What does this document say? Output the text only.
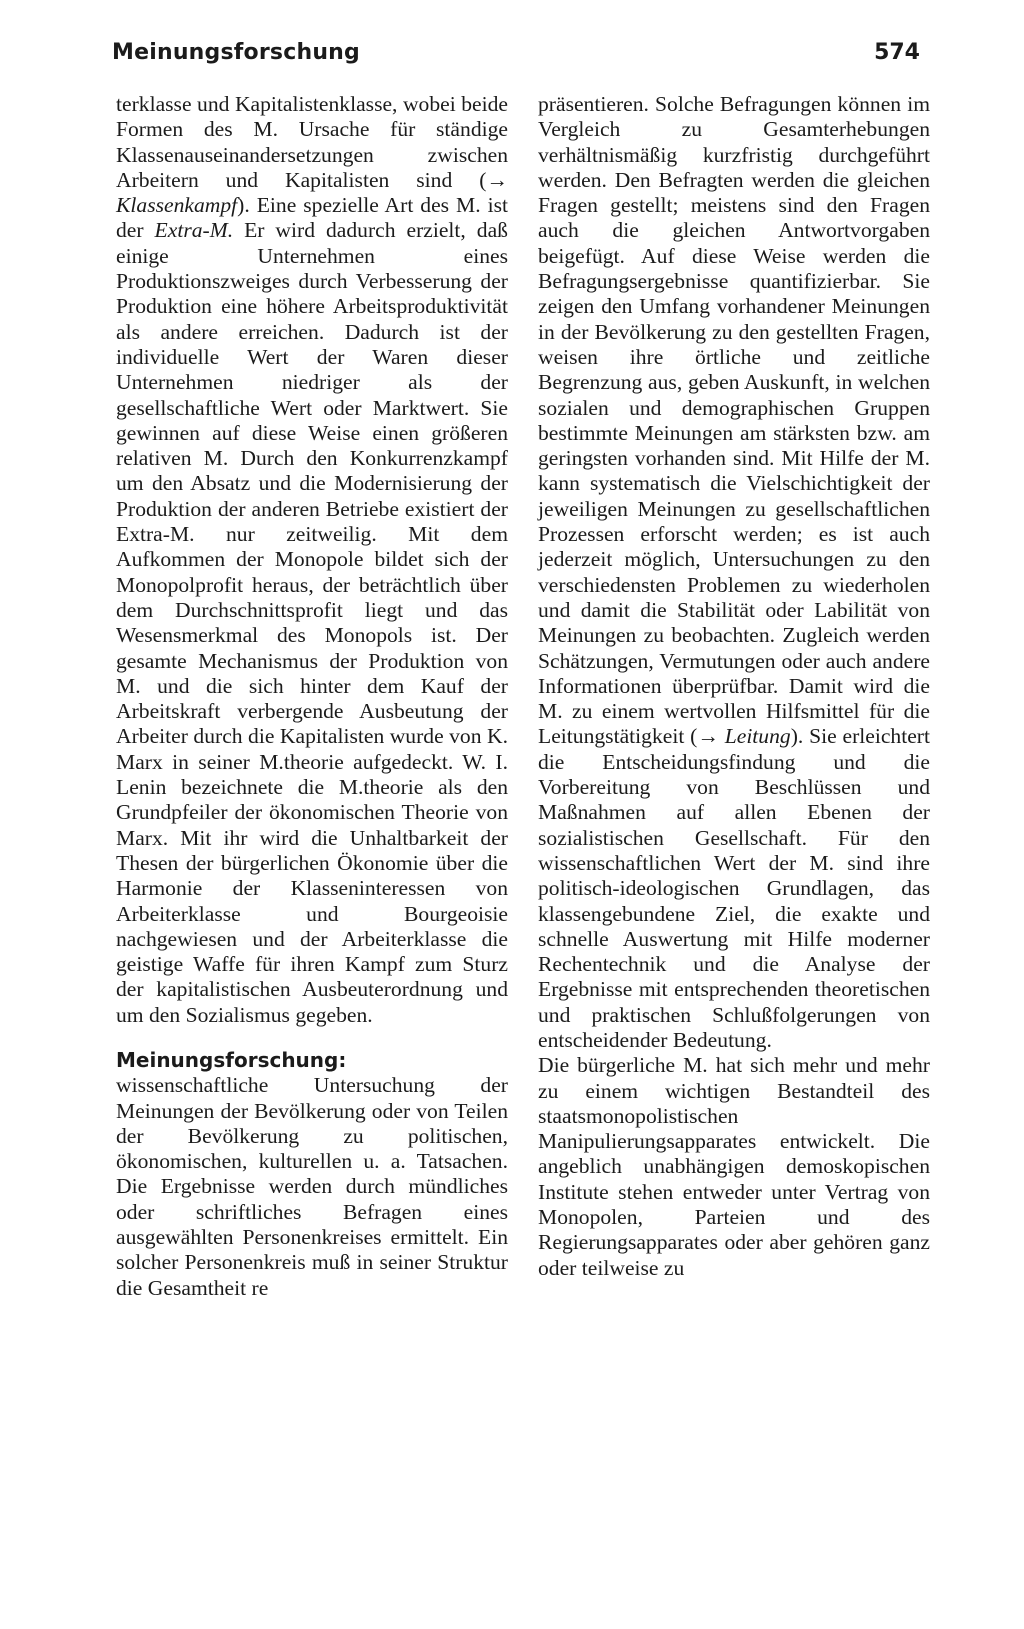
Meinungsforschung	574

terklasse und Kapitalistenklasse, wobei beide Formen des M. Ursache für ständige Klassenauseinandersetzungen zwischen Arbeitern und Kapitalisten sind (→ Klassenkampf). Eine spezielle Art des M. ist der Extra-M. Er wird dadurch erzielt, daß einige Unternehmen eines Produktionszweiges durch Verbesserung der Produktion eine höhere Arbeitsproduktivität als andere erreichen. Dadurch ist der individuelle Wert der Waren dieser Unternehmen niedriger als der gesellschaftliche Wert oder Marktwert. Sie gewinnen auf diese Weise einen größeren relativen M. Durch den Konkurrenzkampf um den Absatz und die Modernisierung der Produktion der anderen Betriebe existiert der Extra-M. nur zeitweilig. Mit dem Aufkommen der Monopole bildet sich der Monopolprofit heraus, der beträchtlich über dem Durchschnittsprofit liegt und das Wesensmerkmal des Monopols ist. Der gesamte Mechanismus der Produktion von M. und die sich hinter dem Kauf der Arbeitskraft verbergende Ausbeutung der Arbeiter durch die Kapitalisten wurde von K. Marx in seiner M.theorie aufgedeckt. W. I. Lenin bezeichnete die M.theorie als den Grundpfeiler der ökonomischen Theorie von Marx. Mit ihr wird die Unhaltbarkeit der Thesen der bürgerlichen Ökonomie über die Harmonie der Klasseninteressen von Arbeiterklasse und Bourgeoisie nachgewiesen und der Arbeiterklasse die geistige Waffe für ihren Kampf zum Sturz der kapitalistischen Ausbeuterordnung und um den Sozialismus gegeben.

Meinungsforschung: wissenschaftliche Untersuchung der Meinungen der Bevölkerung oder von Teilen der Bevölkerung zu politischen, ökonomischen, kulturellen u. a. Tatsachen. Die Ergebnisse werden durch mündliches oder schriftliches Befragen eines ausgewählten Personenkreises ermittelt. Ein solcher Personenkreis muß in seiner Struktur die Gesamtheit re

präsentieren. Solche Befragungen können im Vergleich zu Gesamterhebungen verhältnismäßig kurzfristig durchgeführt werden. Den Befragten werden die gleichen Fragen gestellt; meistens sind den Fragen auch die gleichen Antwortvorgaben beigefügt. Auf diese Weise werden die Befragungsergebnisse quantifizierbar. Sie zeigen den Umfang vorhandener Meinungen in der Bevölkerung zu den gestellten Fragen, weisen ihre örtliche und zeitliche Begrenzung aus, geben Auskunft, in welchen sozialen und demographischen Gruppen bestimmte Meinungen am stärksten bzw. am geringsten vorhanden sind. Mit Hilfe der M. kann systematisch die Vielschichtigkeit der jeweiligen Meinungen zu gesellschaftlichen Prozessen erforscht werden; es ist auch jederzeit möglich, Untersuchungen zu den verschiedensten Problemen zu wiederholen und damit die Stabilität oder Labilität von Meinungen zu beobachten. Zugleich werden Schätzungen, Vermutungen oder auch andere Informationen überprüfbar. Damit wird die M. zu einem wertvollen Hilfsmittel für die Leitungstätigkeit (→ Leitung). Sie erleichtert die Entscheidungsfindung und die Vorbereitung von Beschlüssen und Maßnahmen auf allen Ebenen der sozialistischen Gesellschaft. Für den wissenschaftlichen Wert der M. sind ihre politisch-ideologischen Grundlagen, das klassengebundene Ziel, die exakte und schnelle Auswertung mit Hilfe moderner Rechentechnik und die Analyse der Ergebnisse mit entsprechenden theoretischen und praktischen Schlußfolgerungen von entscheidender Bedeutung.

Die bürgerliche M. hat sich mehr und mehr zu einem wichtigen Bestandteil des staatsmonopolistischen Manipulierungsapparates entwickelt. Die angeblich unabhängigen demoskopischen Institute stehen entweder unter Vertrag von Monopolen, Parteien und des Regierungsapparates oder aber gehören ganz oder teilweise zu
